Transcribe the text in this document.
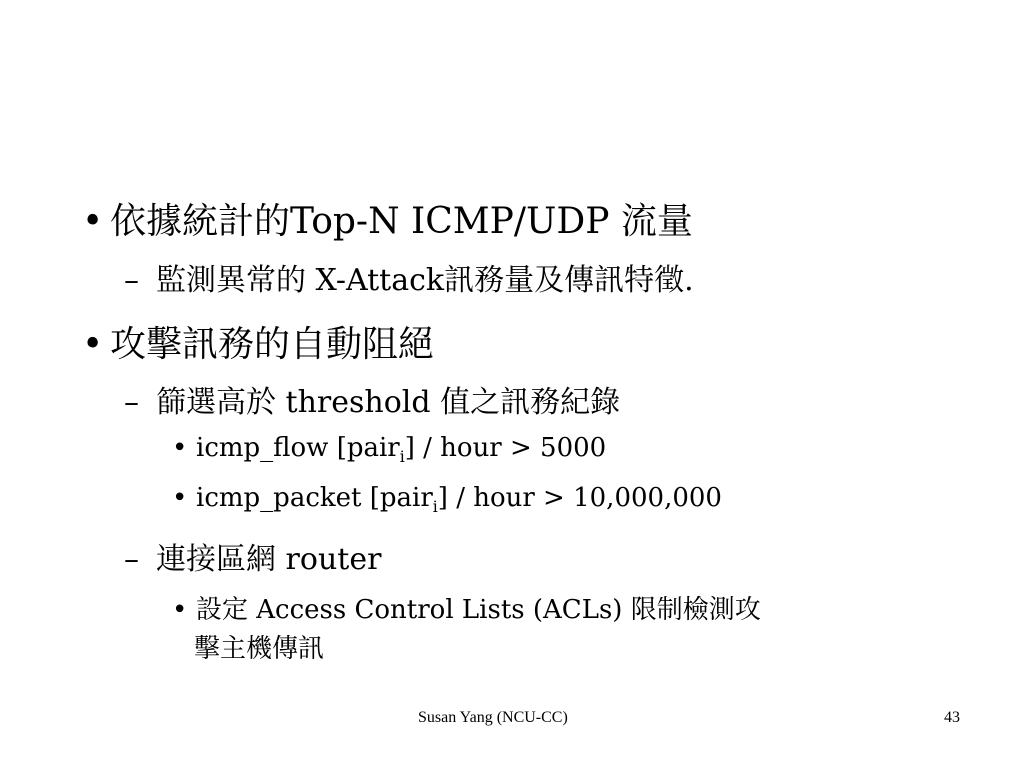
• 依據統計的Top-N ICMP/UDP 流量
– 監測異常的 X-Attack訊務量及傳訊特徵.
• 攻擊訊務的自動阻絕
– 篩選高於 threshold 值之訊務紀錄
• icmp_flow [pair$_i$] / hour > 5000
• icmp_packet [pair$_i$] / hour > 10,000,000
– 連接區網 router
• 設定 Access Control Lists (ACLs) 限制檢測攻
擊主機傳訊
Susan Yang (NCU-CC)	43
